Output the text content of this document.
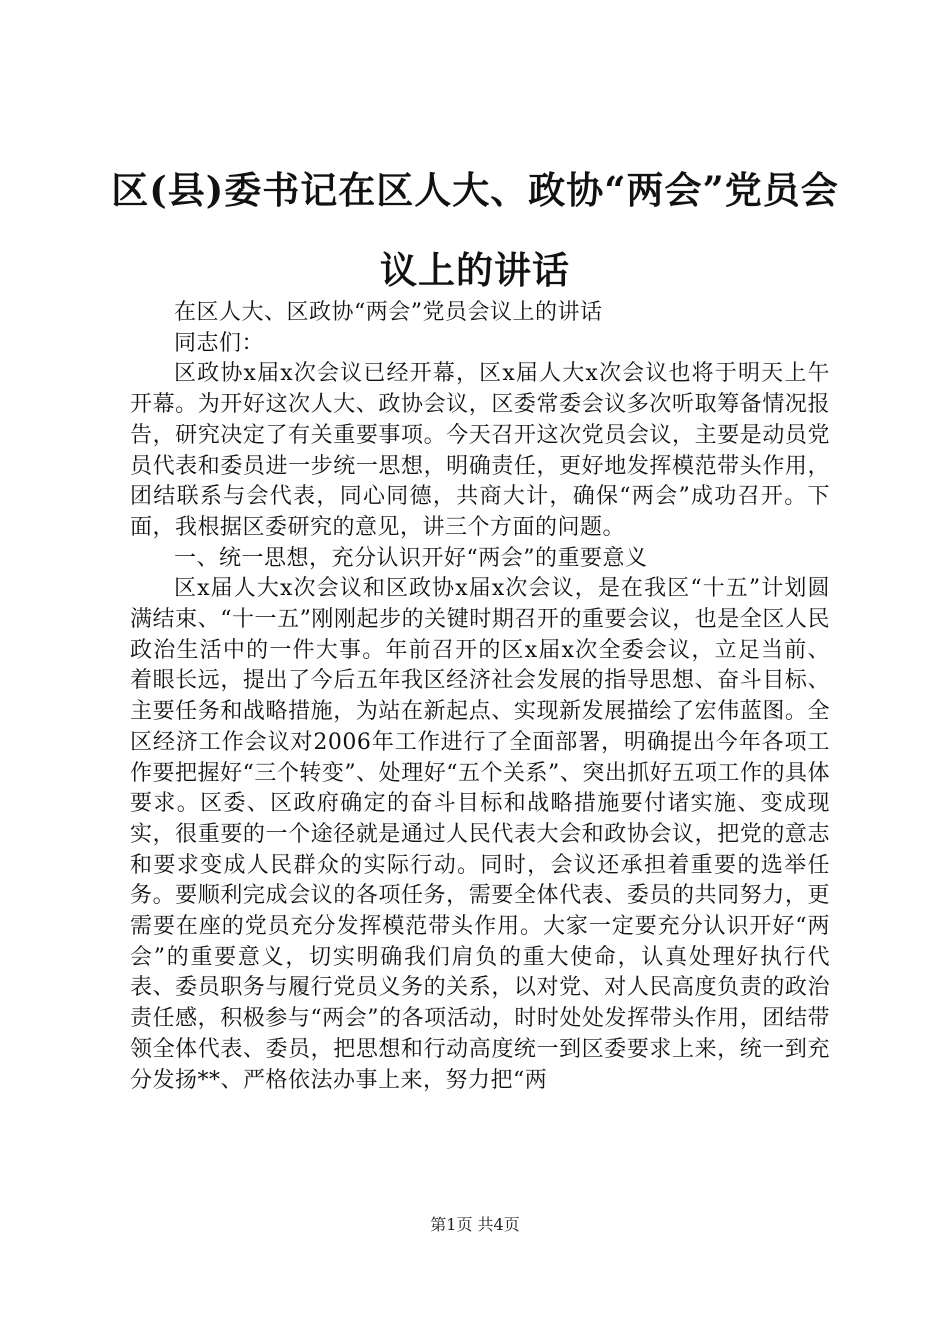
区(县)委书记在区人大、政协“两会”党员会
议上的讲话

在区人大、区政协“两会”党员会议上的讲话

同志们：

区政协x届x次会议已经开幕，区x届人大x次会议也将于明天上午开幕。为开好这次人大、政协会议，区委常委会议多次听取筹备情况报告，研究决定了有关重要事项。今天召开这次党员会议，主要是动员党员代表和委员进一步统一思想，明确责任，更好地发挥模范带头作用，团结联系与会代表，同心同德，共商大计，确保“两会”成功召开。下面，我根据区委研究的意见，讲三个方面的问题。

一、统一思想，充分认识开好“两会”的重要意义

区x届人大x次会议和区政协x届x次会议，是在我区“十五”计划圆满结束、“十一五”刚刚起步的关键时期召开的重要会议，也是全区人民政治生活中的一件大事。年前召开的区x届x次全委会议，立足当前、着眼长远，提出了今后五年我区经济社会发展的指导思想、奋斗目标、主要任务和战略措施，为站在新起点、实现新发展描绘了宏伟蓝图。全区经济工作会议对2006年工作进行了全面部署，明确提出今年各项工作要把握好“三个转变”、处理好“五个关系”、突出抓好五项工作的具体要求。区委、区政府确定的奋斗目标和战略措施要付诸实施、变成现实，很重要的一个途径就是通过人民代表大会和政协会议，把党的意志和要求变成人民群众的实际行动。同时，会议还承担着重要的选举任务。要顺利完成会议的各项任务，需要全体代表、委员的共同努力，更需要在座的党员充分发挥模范带头作用。大家一定要充分认识开好“两会”的重要意义，切实明确我们肩负的重大使命，认真处理好执行代表、委员职务与履行党员义务的关系，以对党、对人民高度负责的政治责任感，积极参与“两会”的各项活动，时时处处发挥带头作用，团结带领全体代表、委员，把思想和行动高度统一到区委要求上来，统一到充分发扬**、严格依法办事上来，努力把“两

第1页 共4页
